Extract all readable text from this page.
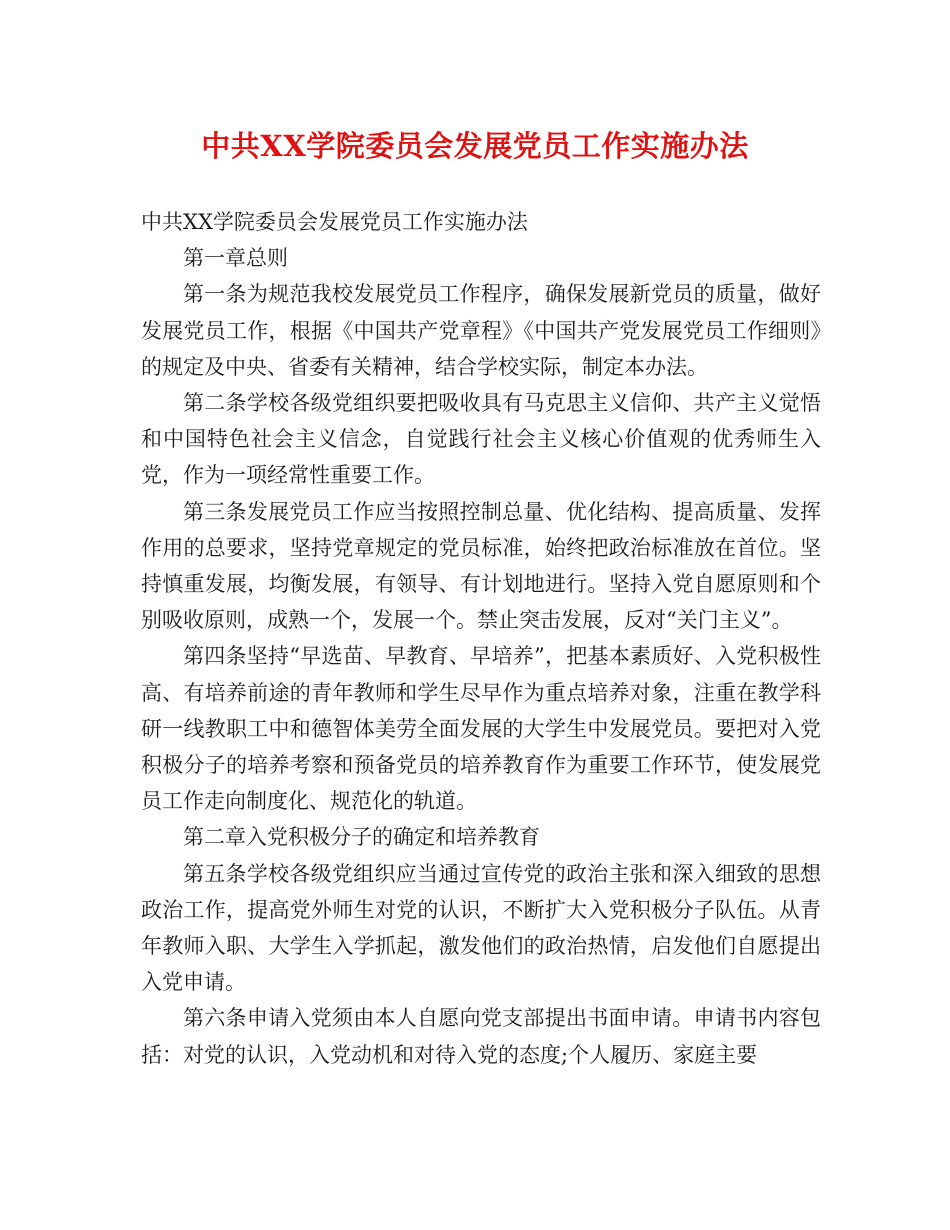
中共XX学院委员会发展党员工作实施办法

中共XX学院委员会发展党员工作实施办法

第一章总则

第一条为规范我校发展党员工作程序，确保发展新党员的质量，做好发展党员工作，根据《中国共产党章程》《中国共产党发展党员工作细则》的规定及中央、省委有关精神，结合学校实际，制定本办法。

第二条学校各级党组织要把吸收具有马克思主义信仰、共产主义觉悟和中国特色社会主义信念，自觉践行社会主义核心价值观的优秀师生入党，作为一项经常性重要工作。

第三条发展党员工作应当按照控制总量、优化结构、提高质量、发挥作用的总要求，坚持党章规定的党员标准，始终把政治标准放在首位。坚持慎重发展，均衡发展，有领导、有计划地进行。坚持入党自愿原则和个别吸收原则，成熟一个，发展一个。禁止突击发展，反对“关门主义”。

第四条坚持“早选苗、早教育、早培养”，把基本素质好、入党积极性高、有培养前途的青年教师和学生尽早作为重点培养对象，注重在教学科研一线教职工中和德智体美劳全面发展的大学生中发展党员。要把对入党积极分子的培养考察和预备党员的培养教育作为重要工作环节，使发展党员工作走向制度化、规范化的轨道。

第二章入党积极分子的确定和培养教育

第五条学校各级党组织应当通过宣传党的政治主张和深入细致的思想政治工作，提高党外师生对党的认识，不断扩大入党积极分子队伍。从青年教师入职、大学生入学抓起，激发他们的政治热情，启发他们自愿提出入党申请。

第六条申请入党须由本人自愿向党支部提出书面申请。申请书内容包括：对党的认识，入党动机和对待入党的态度;个人履历、家庭主要
